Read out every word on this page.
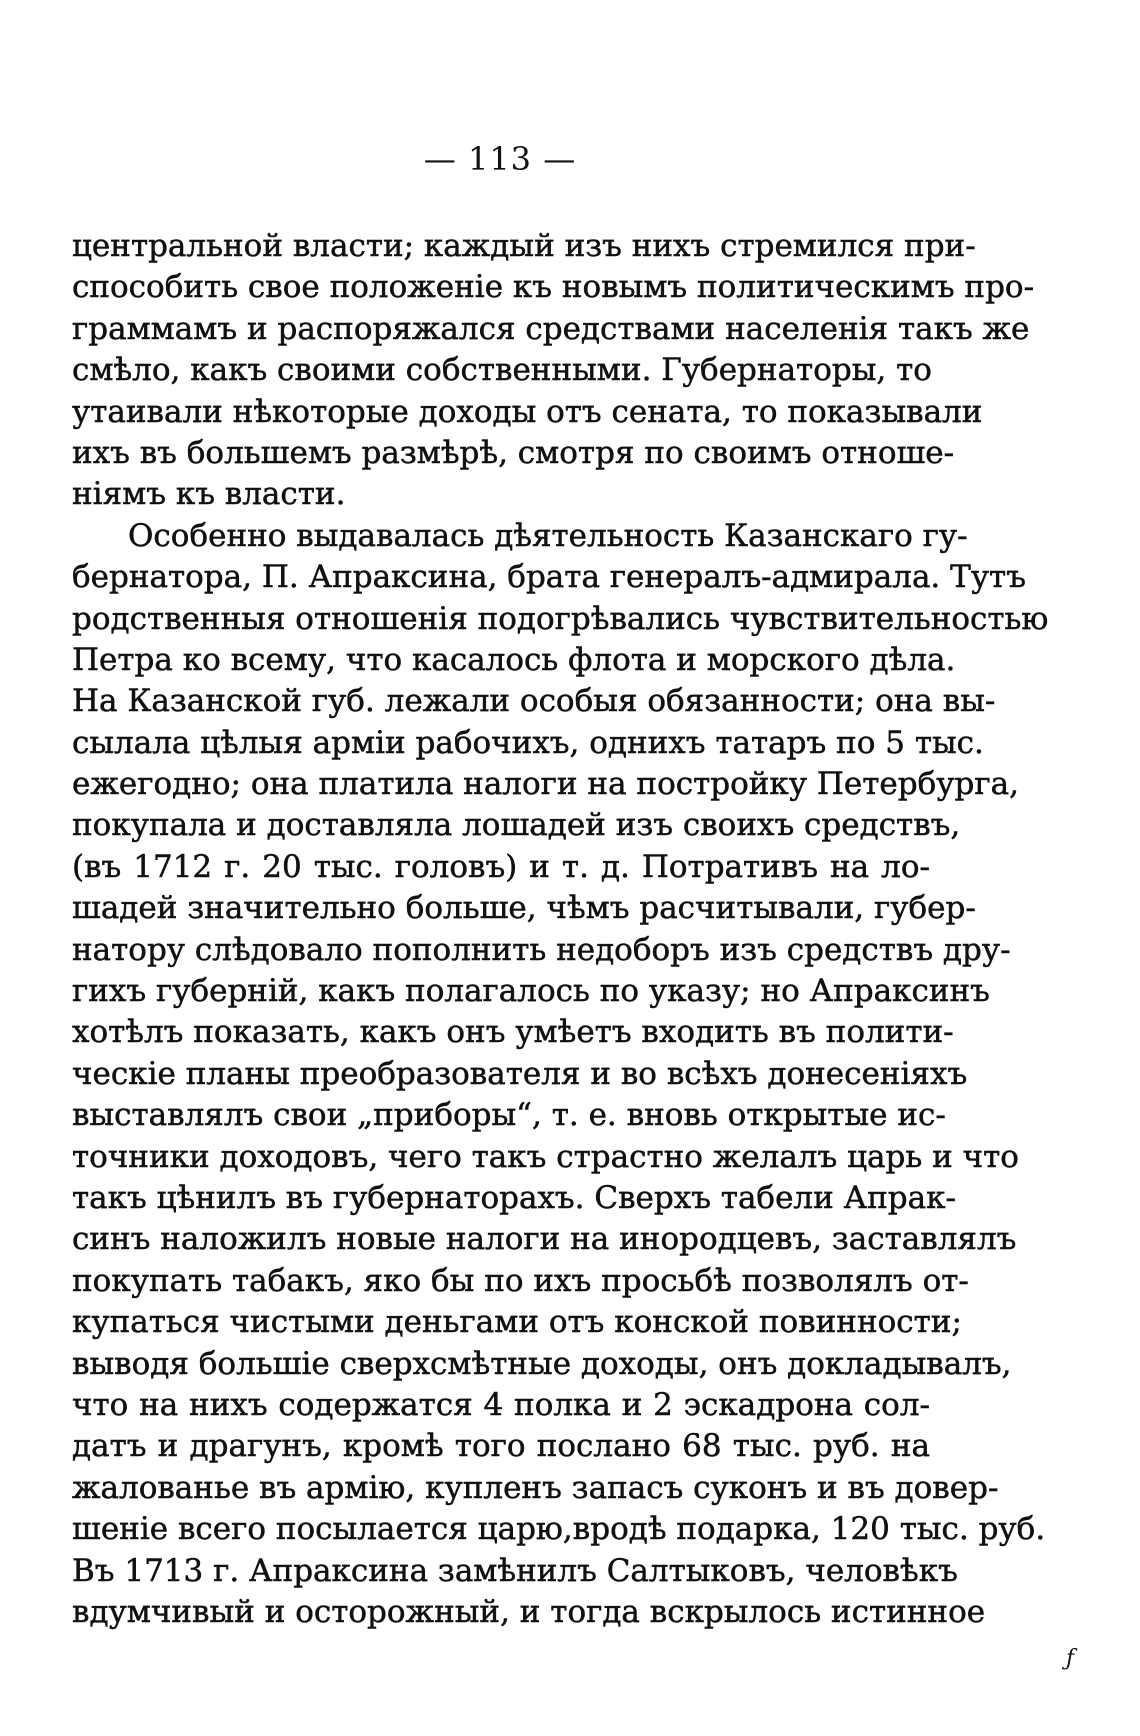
— 113 —
центральной власти; каждый изъ нихъ стремился при-
способить свое положеніе къ новымъ политическимъ про-
граммамъ и распоряжался средствами населенія такъ же
смѣло, какъ своими собственными. Губернаторы, то
утаивали нѣкоторые доходы отъ сената, то показывали
ихъ въ большемъ размѣрѣ, смотря по своимъ отноше-
ніямъ къ власти.
Особенно выдавалась дѣятельность Казанскаго гу-
бернатора, П. Апраксина, брата генералъ-адмирала. Тутъ
родственныя отношенія подогрѣвались чувствительностью
Петра ко всему, что касалось флота и морского дѣла.
На Казанской губ. лежали особыя обязанности; она вы-
сылала цѣлыя арміи рабочихъ, однихъ татаръ по 5 тыс.
ежегодно; она платила налоги на постройку Петербурга,
покупала и доставляла лошадей изъ своихъ средствъ,
(въ 1712 г. 20 тыс. головъ) и т. д. Потративъ на ло-
шадей значительно больше, чѣмъ расчитывали, губер-
натору слѣдовало пополнить недоборъ изъ средствъ дру-
гихъ губерній, какъ полагалось по указу; но Апраксинъ
хотѣлъ показать, какъ онъ умѣетъ входить въ полити-
ческіе планы преобразователя и во всѣхъ донесеніяхъ
выставлялъ свои „приборы“, т. е. вновь открытые ис-
точники доходовъ, чего такъ страстно желалъ царь и что
такъ цѣнилъ въ губернаторахъ. Сверхъ табели Апрак-
синъ наложилъ новые налоги на инородцевъ, заставлялъ
покупать табакъ, яко бы по ихъ просьбѣ позволялъ от-
купаться чистыми деньгами отъ конской повинности;
выводя большіе сверхсмѣтные доходы, онъ докладывалъ,
что на нихъ содержатся 4 полка и 2 эскадрона сол-
датъ и драгунъ, кромѣ того послано 68 тыс. руб. на
жалованье въ армію, купленъ запасъ суконъ и въ довер-
шеніе всего посылается царю,вродѣ подарка, 120 тыс. руб.
Въ 1713 г. Апраксина замѣнилъ Салтыковъ, человѣкъ
вдумчивый и осторожный, и тогда вскрылось истинное
ƒ
